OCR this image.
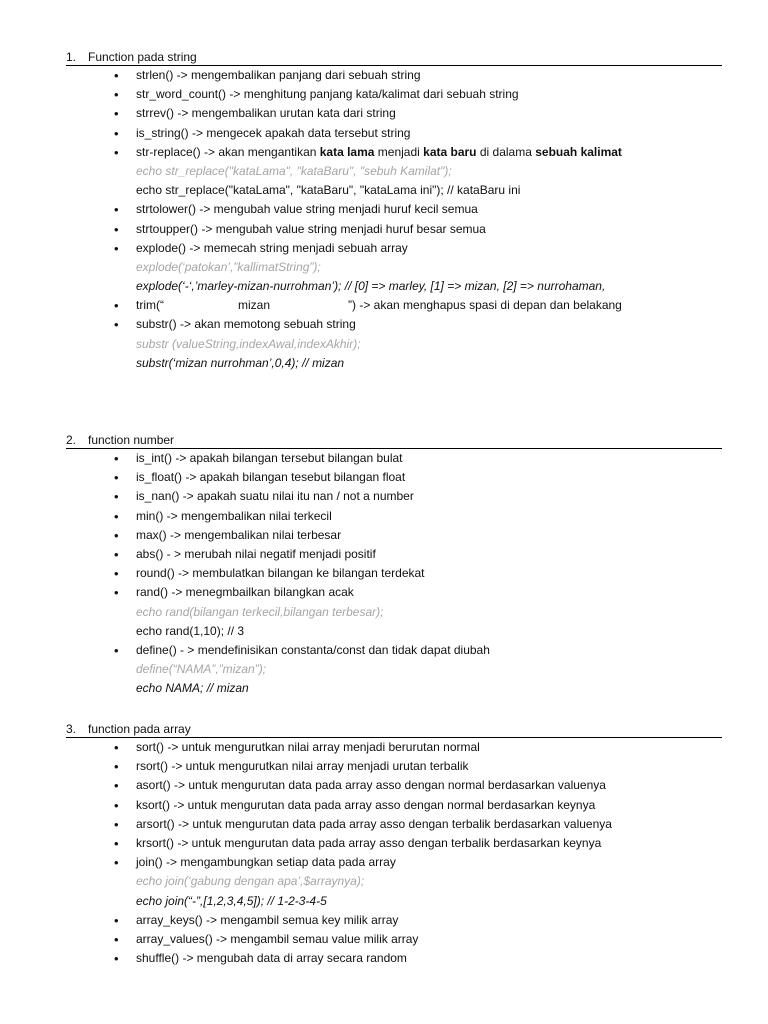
1. Function pada string
• strlen() -> mengembalikan panjang dari sebuah string
• str_word_count() -> menghitung panjang kata/kalimat dari sebuah string
• strrev() -> mengembalikan urutan kata dari string
• is_string() -> mengecek apakah data tersebut string
• str-replace() -> akan mengantikan kata lama menjadi kata baru di dalama sebuah kalimat
echo str_replace("kataLama", "kataBaru", "sebuh Kamilat");
echo str_replace("kataLama", "kataBaru", "kataLama ini"); // kataBaru ini
• strtolower() -> mengubah value string menjadi huruf kecil semua
• strtoupper() -> mengubah value string menjadi huruf besar semua
• explode() -> memecah string menjadi sebuah array
explode(‘patokan’,”kallimatString”);
explode(‘-‘,’marley-mizan-nurrohman’); // [0] => marley, [1] => mizan, [2] => nurrohaman,
• trim(“	mizan	”) -> akan menghapus spasi di depan dan belakang
• substr() -> akan memotong sebuah string
substr (valueString,indexAwal,indexAkhir);
substr(‘mizan nurrohman’,0,4); // mizan
2. function number
• is_int() -> apakah bilangan tersebut bilangan bulat
• is_float() -> apakah bilangan tesebut bilangan float
• is_nan() -> apakah suatu nilai itu nan / not a number
• min() -> mengembalikan nilai terkecil
• max() -> mengembalikan nilai terbesar
• abs() - > merubah nilai negatif menjadi positif
• round() -> membulatkan bilangan ke bilangan terdekat
• rand() -> menegmbailkan bilangkan acak
echo rand(bilangan terkecil,bilangan terbesar);
echo rand(1,10); // 3
• define() - > mendefinisikan constanta/const dan tidak dapat diubah
define(“NAMA”,”mizan”);
echo NAMA; // mizan
3. function pada array
• sort() -> untuk mengurutkan nilai array menjadi berurutan normal
• rsort() -> untuk mengurutkan nilai array menjadi urutan terbalik
• asort() -> untuk mengurutan data pada array asso dengan normal berdasarkan valuenya
• ksort() -> untuk mengurutan data pada array asso dengan normal berdasarkan keynya
• arsort() -> untuk mengurutan data pada array asso dengan terbalik berdasarkan valuenya
• krsort() -> untuk mengurutan data pada array asso dengan terbalik berdasarkan keynya
• join() -> mengambungkan setiap data pada array
echo join(‘gabung dengan apa’,$arraynya);
echo join(“-”,[1,2,3,4,5]); // 1-2-3-4-5
• array_keys() -> mengambil semua key milik array
• array_values() -> mengambil semau value milik array
• shuffle() -> mengubah data di array secara random
